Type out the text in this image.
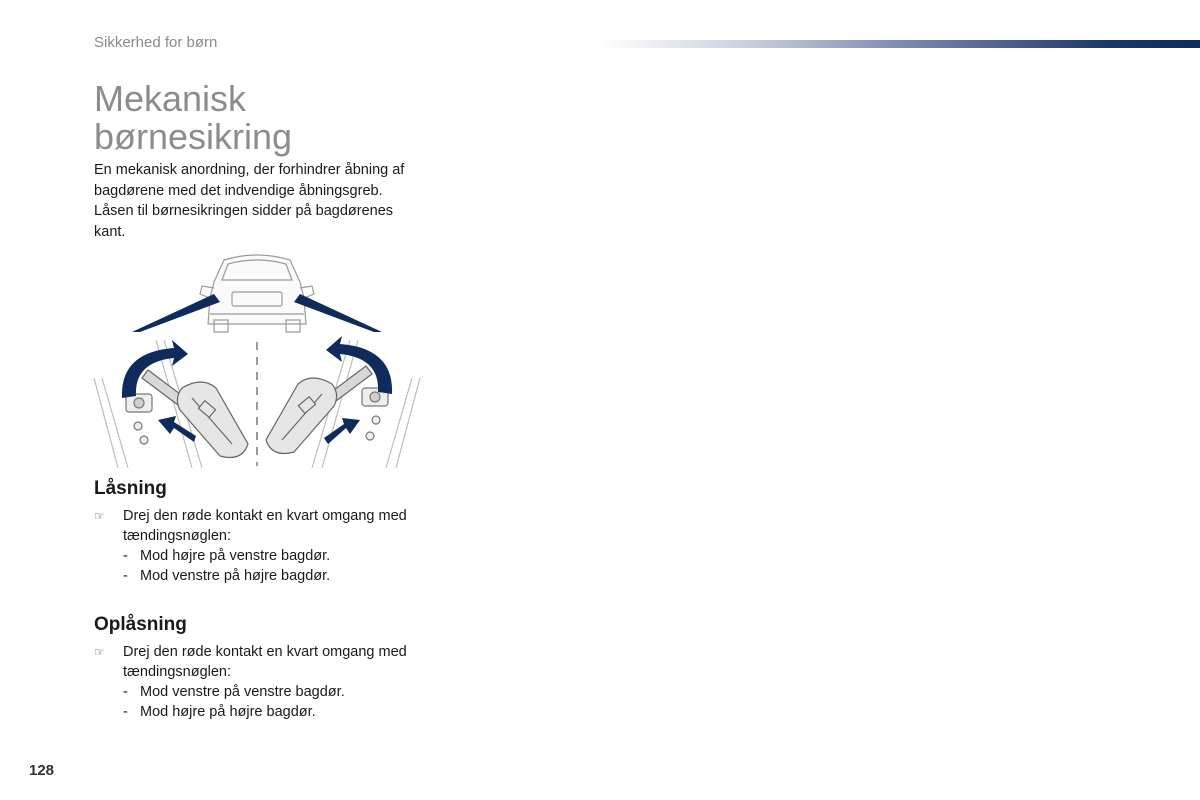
Sikkerhed for børn
Mekanisk
børnesikring

En mekanisk anordning, der forhindrer åbning af bagdørene med det indvendige åbningsgreb. Låsen til børnesikringen sidder på bagdørenes kant.

Låsning
☞ Drej den røde kontakt en kvart omgang med tændingsnøglen:
- Mod højre på venstre bagdør.
- Mod venstre på højre bagdør.
Oplåsning
☞ Drej den røde kontakt en kvart omgang med tændingsnøglen:
- Mod venstre på venstre bagdør.
- Mod højre på højre bagdør.
128
